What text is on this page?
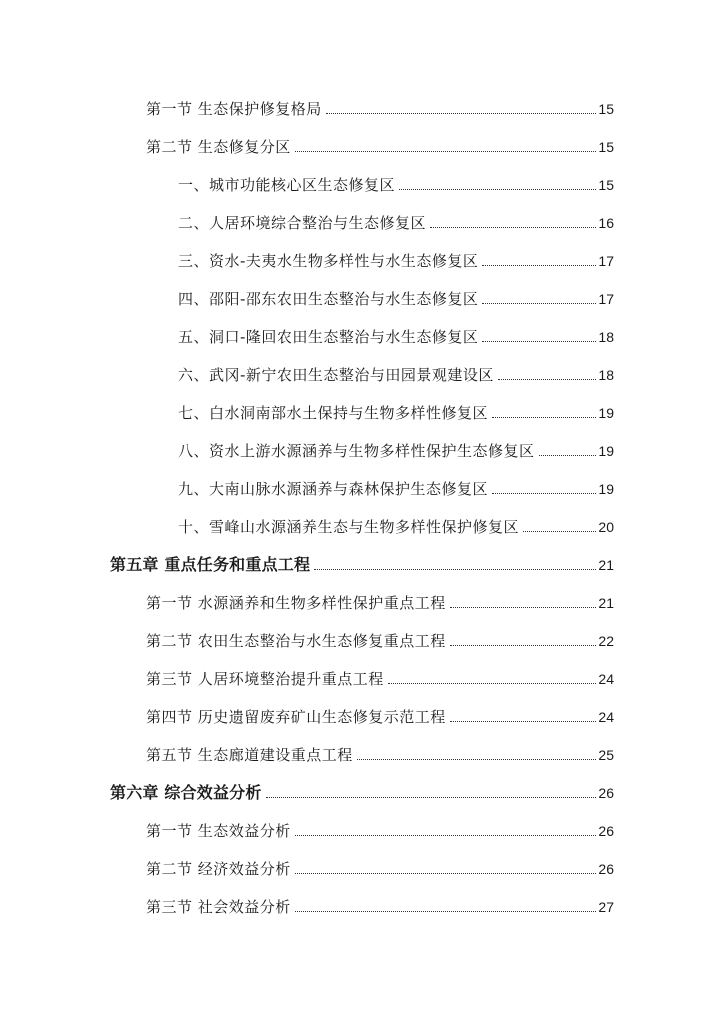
第一节 生态保护修复格局	15
第二节 生态修复分区	15
一、城市功能核心区生态修复区	15
二、人居环境综合整治与生态修复区	16
三、资水-夫夷水生物多样性与水生态修复区	17
四、邵阳-邵东农田生态整治与水生态修复区	17
五、洞口-隆回农田生态整治与水生态修复区	18
六、武冈-新宁农田生态整治与田园景观建设区	18
七、白水洞南部水土保持与生物多样性修复区	19
八、资水上游水源涵养与生物多样性保护生态修复区	19
九、大南山脉水源涵养与森林保护生态修复区	19
十、雪峰山水源涵养生态与生物多样性保护修复区	20
第五章 重点任务和重点工程	21
第一节 水源涵养和生物多样性保护重点工程	21
第二节 农田生态整治与水生态修复重点工程	22
第三节 人居环境整治提升重点工程	24
第四节 历史遗留废弃矿山生态修复示范工程	24
第五节 生态廊道建设重点工程	25
第六章 综合效益分析	26
第一节 生态效益分析	26
第二节 经济效益分析	26
第三节 社会效益分析	27
